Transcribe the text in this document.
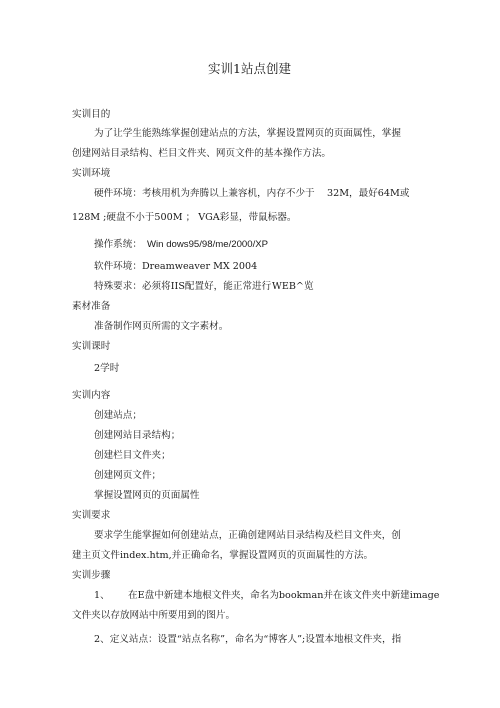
实训1站点创建
实训目的
为了让学生能熟练掌握创建站点的方法，掌握设置网页的页面属性，掌握
创建网站目录结构、栏目文件夹、网页文件的基本操作方法。
实训环境
硬件环境：考核用机为奔腾以上兼容机，内存不少于 32M，最好64M或
128M ;硬盘不小于500M ； VGA彩显，带鼠标器。
操作系统： Win dows95/98/me/2000/XP
软件环境：Dreamweaver MX 2004
特殊要求：必须将IIS配置好，能正常进行 WEB^览
素材准备
准备制作网页所需的文字素材。
实训课时
2学时
实训内容
创建站点；
创建网站目录结构；
创建栏目文件夹；
创建网页文件；
掌握设置网页的页面属性
实训要求
要求学生能掌握如何创建站点，正确创建网站目录结构及栏目文件夹，创
建主页文件index.htm,并正确命名，掌握设置网页的页面属性的方法。
实训步骤
1、 在E盘中新建本地根文件夹，命名为bookman并在该文件夹中新建image
文件夹以存放网站中所要用到的图片。
2、定义站点：设置“站点名称”，命名为“博客人”;设置本地根文件夹，指
